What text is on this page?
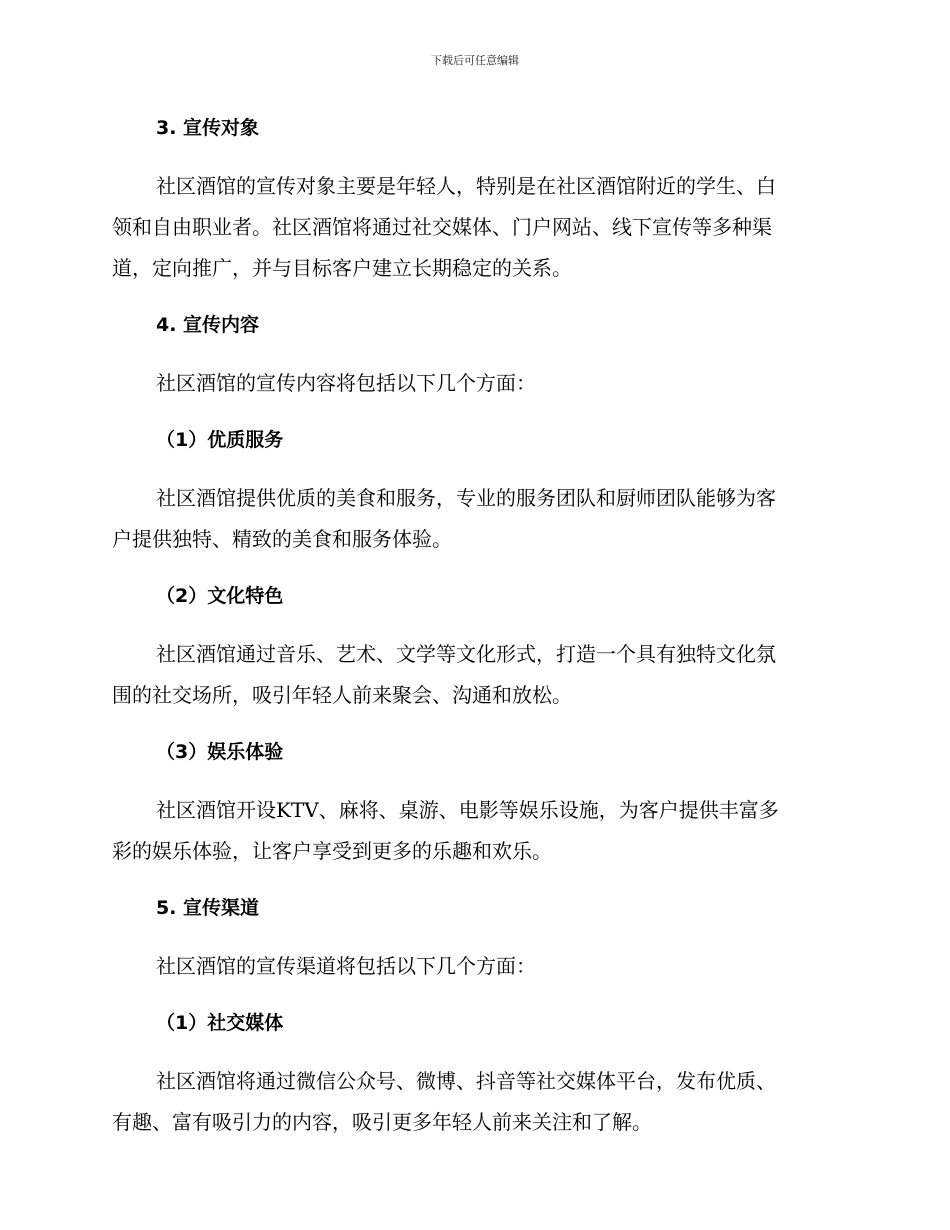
下载后可任意编辑
3. 宣传对象

社区酒馆的宣传对象主要是年轻人，特别是在社区酒馆附近的学生、白
领和自由职业者。社区酒馆将通过社交媒体、门户网站、线下宣传等多种渠
道，定向推广，并与目标客户建立长期稳定的关系。

4. 宣传内容

社区酒馆的宣传内容将包括以下几个方面：

（1）优质服务

社区酒馆提供优质的美食和服务，专业的服务团队和厨师团队能够为客
户提供独特、精致的美食和服务体验。

（2）文化特色

社区酒馆通过音乐、艺术、文学等文化形式，打造一个具有独特文化氛
围的社交场所，吸引年轻人前来聚会、沟通和放松。

（3）娱乐体验

社区酒馆开设KTV、麻将、桌游、电影等娱乐设施，为客户提供丰富多
彩的娱乐体验，让客户享受到更多的乐趣和欢乐。

5. 宣传渠道

社区酒馆的宣传渠道将包括以下几个方面：

（1）社交媒体

社区酒馆将通过微信公众号、微博、抖音等社交媒体平台，发布优质、
有趣、富有吸引力的内容，吸引更多年轻人前来关注和了解。
